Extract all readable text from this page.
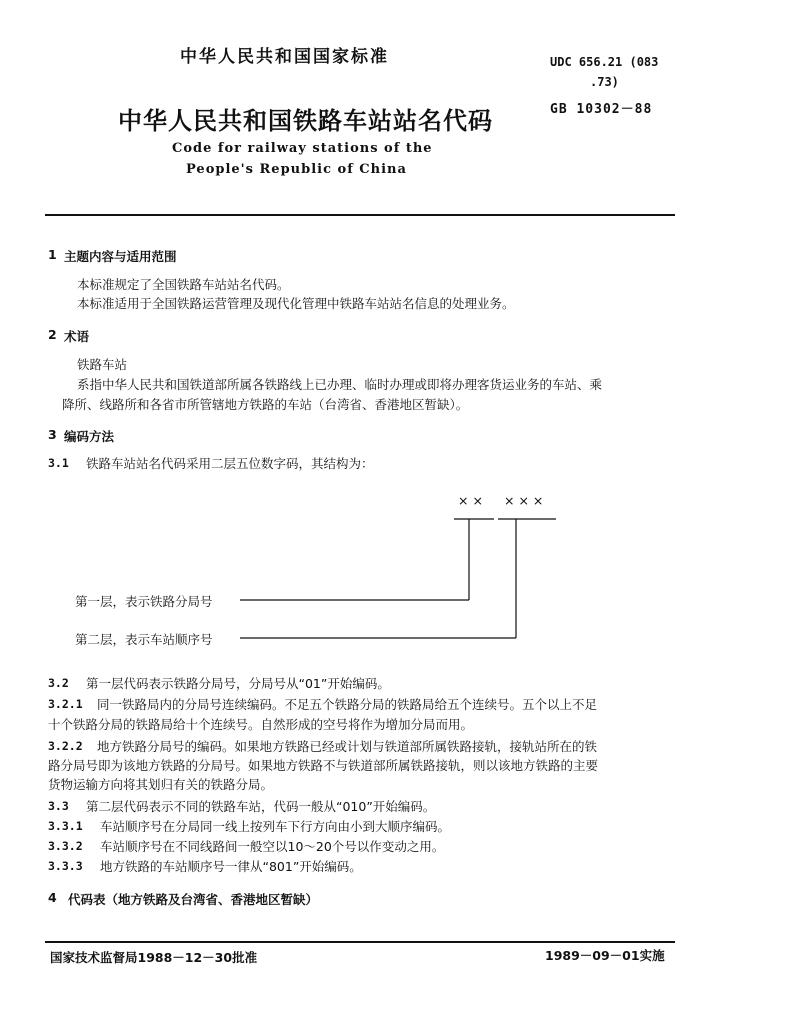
中华人民共和国国家标准	UDC 656.21 (083
.73)
GB 10302－88
中华人民共和国铁路车站站名代码
Code for railway stations of the
People's Republic of China
1 主题内容与适用范围
本标准规定了全国铁路车站站名代码。
本标准适用于全国铁路运营管理及现代化管理中铁路车站站名信息的处理业务。
2 术语
铁路车站
系指中华人民共和国铁道部所属各铁路线上已办理、临时办理或即将办理客货运业务的车站、乘
降所、线路所和各省市所管辖地方铁路的车站（台湾省、香港地区暂缺）。
3 编码方法
3.1 铁路车站站名代码采用二层五位数字码，其结构为：
× × × × ×
第一层，表示铁路分局号
第二层，表示车站顺序号
3.2 第一层代码表示铁路分局号，分局号从“01”开始编码。
3.2.1 同一铁路局内的分局号连续编码。不足五个铁路分局的铁路局给五个连续号。五个以上不足
十个铁路分局的铁路局给十个连续号。自然形成的空号将作为增加分局而用。
3.2.2 地方铁路分局号的编码。如果地方铁路已经或计划与铁道部所属铁路接轨，接轨站所在的铁
路分局号即为该地方铁路的分局号。如果地方铁路不与铁道部所属铁路接轨，则以该地方铁路的主要
货物运输方向将其划归有关的铁路分局。
3.3 第二层代码表示不同的铁路车站，代码一般从“010”开始编码。
3.3.1 车站顺序号在分局同一线上按列车下行方向由小到大顺序编码。
3.3.2 车站顺序号在不同线路间一般空以10～20个号以作变动之用。
3.3.3 地方铁路的车站顺序号一律从“801”开始编码。
4 代码表（地方铁路及台湾省、香港地区暂缺）
国家技术监督局1988－12－30批准	1989－09－01实施
